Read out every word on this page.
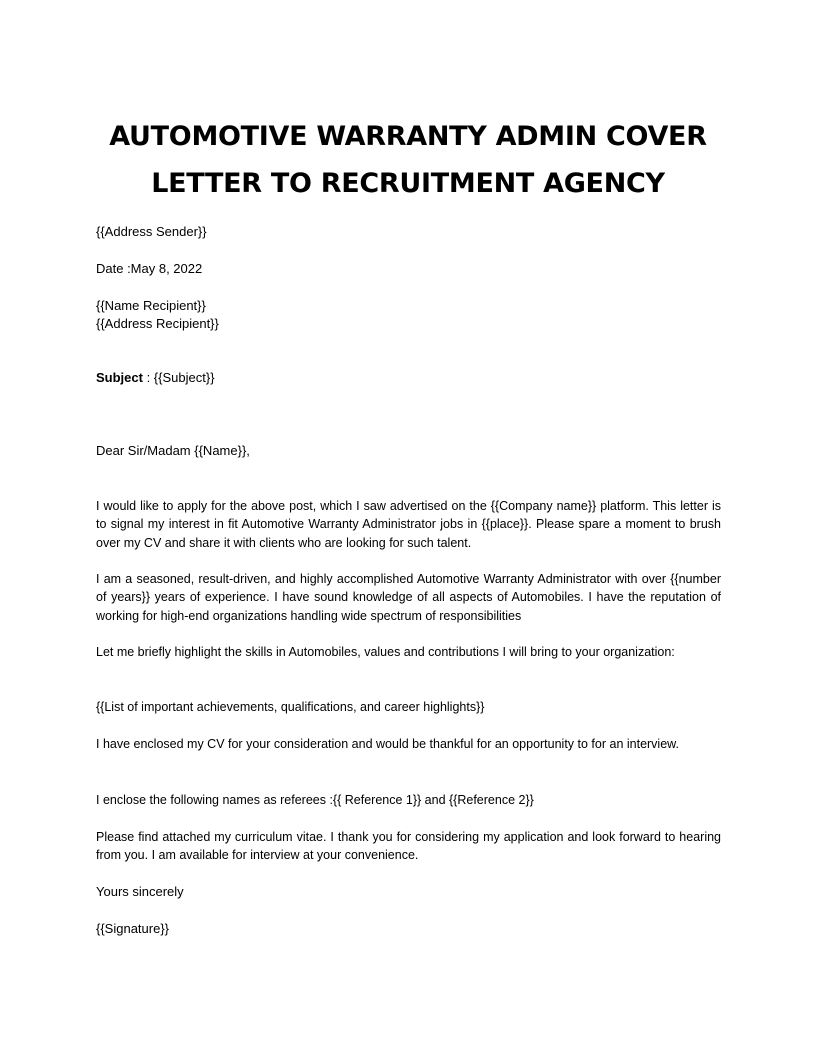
AUTOMOTIVE WARRANTY ADMIN COVER
LETTER TO RECRUITMENT AGENCY

{{Address Sender}}

Date :May 8, 2022

{{Name Recipient}}
{{Address Recipient}}

Subject : {{Subject}}

Dear Sir/Madam {{Name}},

I would like to apply for the above post, which I saw advertised on the {{Company name}} platform. This letter is to signal my interest in fit Automotive Warranty Administrator jobs in {{place}}. Please spare a moment to brush over my CV and share it with clients who are looking for such talent.

I am a seasoned, result-driven, and highly accomplished Automotive Warranty Administrator with over {{number of years}} years of experience. I have sound knowledge of all aspects of Automobiles. I have the reputation of working for high-end organizations handling wide spectrum of responsibilities

Let me briefly highlight the skills in Automobiles, values and contributions I will bring to your organization:

{{List of important achievements, qualifications, and career highlights}}

I have enclosed my CV for your consideration and would be thankful for an opportunity to for an interview.

I enclose the following names as referees :{{ Reference 1}} and {{Reference 2}}

Please find attached my curriculum vitae. I thank you for considering my application and look forward to hearing from you. I am available for interview at your convenience.

Yours sincerely

{{Signature}}
